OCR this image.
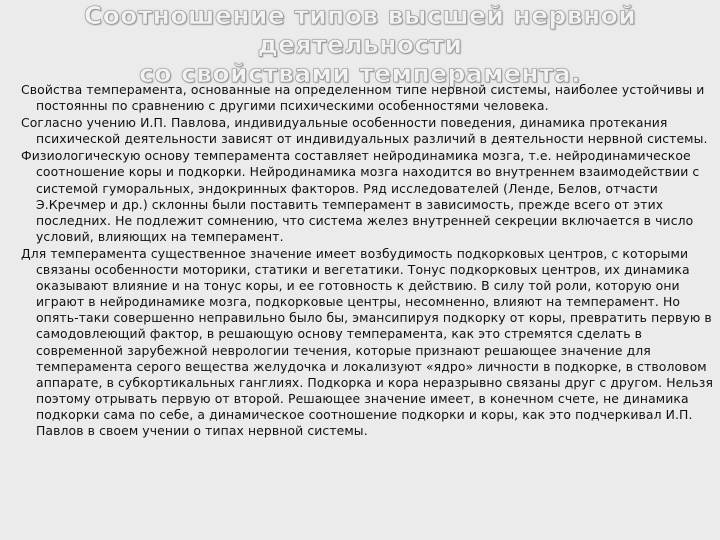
Соотношение типов высшей нервной деятельности
со свойствами темперамента.

Свойства темперамента, основанные на определенном типе нервной системы, наиболее устойчивы и постоянны по сравнению с другими психическими особенностями человека.

Согласно учению И.П. Павлова, индивидуальные особенности поведения, динамика протекания психической деятельности зависят от индивидуальных различий в деятельности нервной системы.

Физиологическую основу темперамента составляет нейродинамика мозга, т.е. нейродинамическое соотношение коры и подкорки. Нейродинамика мозга находится во внутреннем взаимодействии с системой гуморальных, эндокринных факторов. Ряд исследователей (Ленде, Белов, отчасти Э.Кречмер и др.) склонны были поставить темперамент в зависимость, прежде всего от этих последних. Не подлежит сомнению, что система желез внутренней секреции включается в число условий, влияющих на темперамент.

Для темперамента существенное значение имеет возбудимость подкорковых центров, с которыми связаны особенности моторики, статики и вегетатики. Тонус подкорковых центров, их динамика оказывают влияние и на тонус коры, и ее готовность к действию. В силу той роли, которую они играют в нейродинамике мозга, подкорковые центры, несомненно, влияют на темперамент. Но опять-таки совершенно неправильно было бы, эмансипируя подкорку от коры, превратить первую в самодовлеющий фактор, в решающую основу темперамента, как это стремятся сделать в современной зарубежной неврологии течения, которые признают решающее значение для темперамента серого вещества желудочка и локализуют «ядро» личности в подкорке, в стволовом аппарате, в субкортикальных ганглиях. Подкорка и кора неразрывно связаны друг с другом. Нельзя поэтому отрывать первую от второй. Решающее значение имеет, в конечном счете, не динамика подкорки сама по себе, а динамическое соотношение подкорки и коры, как это подчеркивал И.П. Павлов в своем учении о типах нервной системы.
